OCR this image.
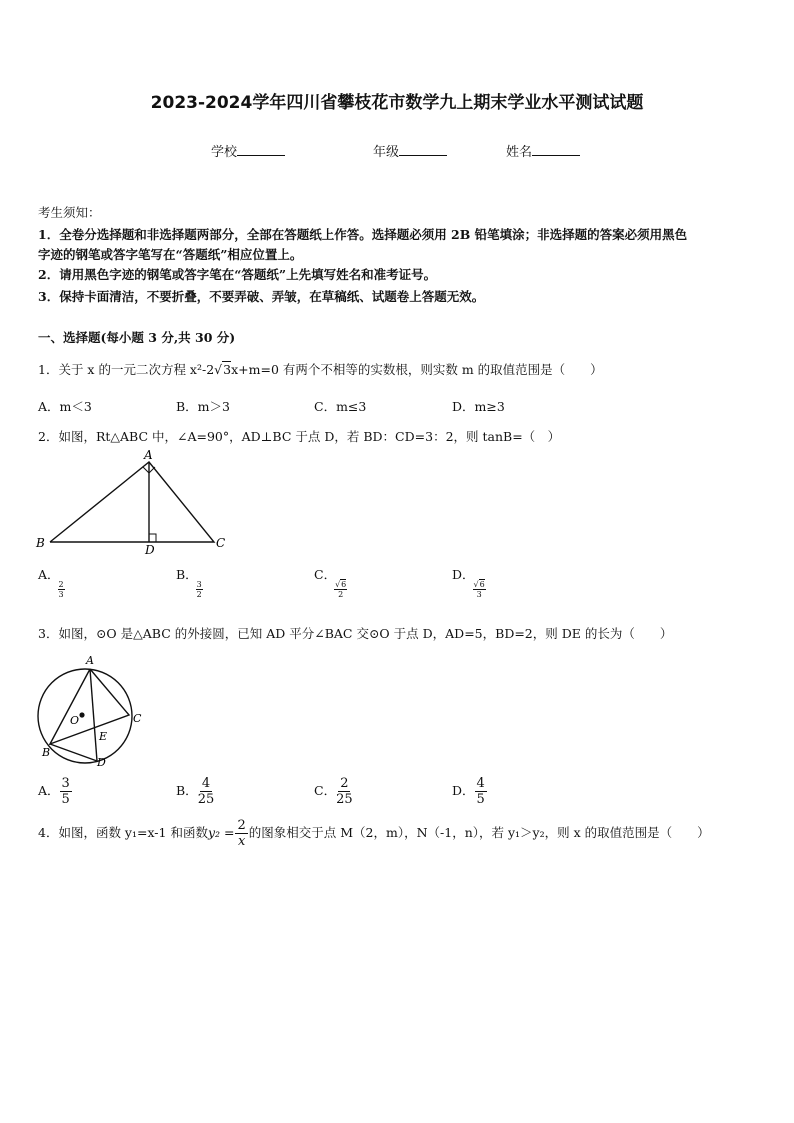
2023-2024学年四川省攀枝花市数学九上期末学业水平测试试题
学校	年级	姓名
考生须知：
1．全卷分选择题和非选择题两部分，全部在答题纸上作答。选择题必须用 2B 铅笔填涂；非选择题的答案必须用黑色
字迹的钢笔或答字笔写在“答题纸”相应位置上。
2．请用黑色字迹的钢笔或答字笔在“答题纸”上先填写姓名和准考证号。
3．保持卡面清洁，不要折叠，不要弄破、弄皱，在草稿纸、试题卷上答题无效。
一、选择题(每小题 3 分,共 30 分)
1．关于 x 的一元二次方程 x²-2√3x+m=0 有两个不相等的实数根，则实数 m 的取值范围是（　　）
A．m＜3	B．m＞3	C．m≤3	D．m≥3
2．如图，Rt△ABC 中，∠A=90°，AD⊥BC 于点 D，若 BD：CD=3：2，则 tanB=（　）
A
B	C
D
A．
$\frac{2}{3}$
B．
$\frac{3}{2}$
C．
$\frac{√6}{2}$
D．
$\frac{√6}{3}$
3．如图，⊙O 是△ABC 的外接圆，已知 AD 平分∠BAC 交⊙O 于点 D，AD=5，BD=2，则 DE 的长为（　　）
A
C
B
D
E
O
A． $\frac{3}{5}$	B． $\frac{4}{25}$	C． $\frac{2}{25}$	D． $\frac{4}{5}$
4．如图，函数 y₁=x-1 和函数$y_2 = \frac{2}{x}$ 的图象相交于点 M（2，m），N（-1，n），若 y₁＞y₂，则 x 的取值范围是（　　）
